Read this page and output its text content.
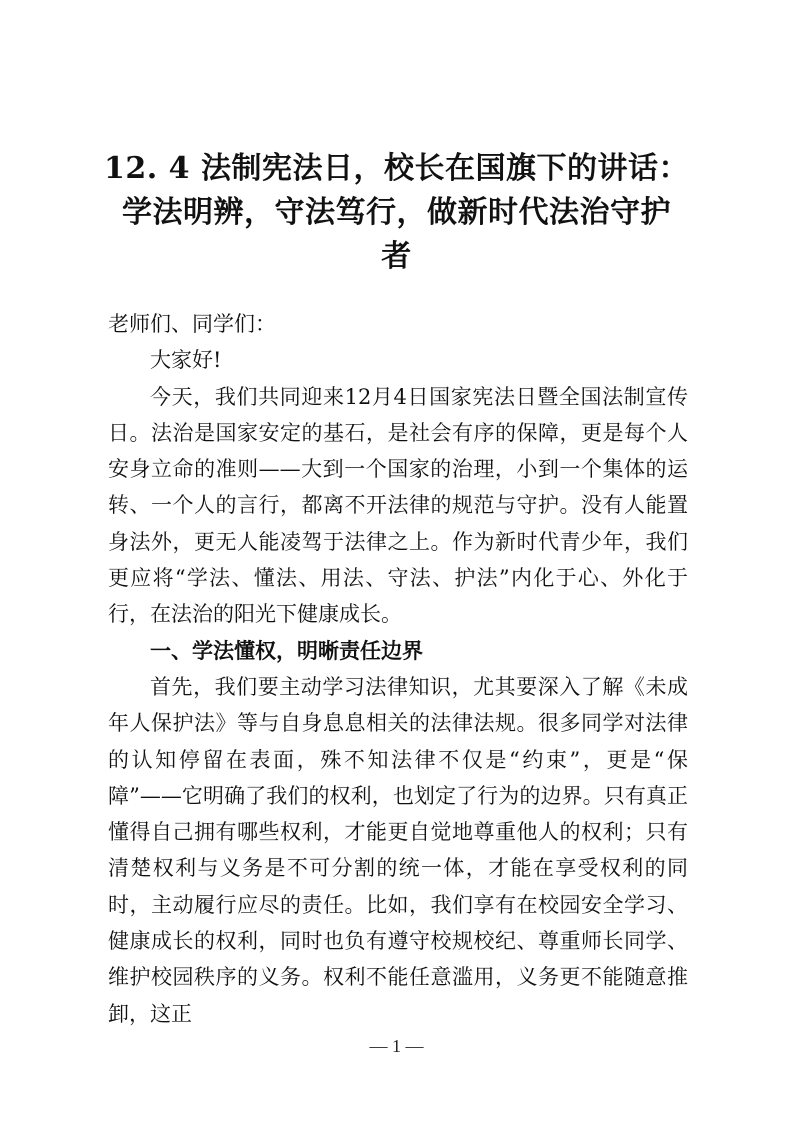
12. 4 法制宪法日，校长在国旗下的讲话：
学法明辨，守法笃行，做新时代法治守护
者

老师们、同学们：

大家好!

今天，我们共同迎来12月4日国家宪法日暨全国法制宣传日。法治是国家安定的基石，是社会有序的保障，更是每个人安身立命的准则——大到一个国家的治理，小到一个集体的运转、一个人的言行，都离不开法律的规范与守护。没有人能置身法外，更无人能凌驾于法律之上。作为新时代青少年，我们更应将“学法、懂法、用法、守法、护法”内化于心、外化于行，在法治的阳光下健康成长。

一、学法懂权，明晰责任边界

首先，我们要主动学习法律知识，尤其要深入了解《未成年人保护法》等与自身息息相关的法律法规。很多同学对法律的认知停留在表面，殊不知法律不仅是“约束”，更是“保障”——它明确了我们的权利，也划定了行为的边界。只有真正懂得自己拥有哪些权利，才能更自觉地尊重他人的权利；只有清楚权利与义务是不可分割的统一体，才能在享受权利的同时，主动履行应尽的责任。比如，我们享有在校园安全学习、健康成长的权利，同时也负有遵守校规校纪、尊重师长同学、维护校园秩序的义务。权利不能任意滥用，义务更不能随意推卸，这正

— 1 —
